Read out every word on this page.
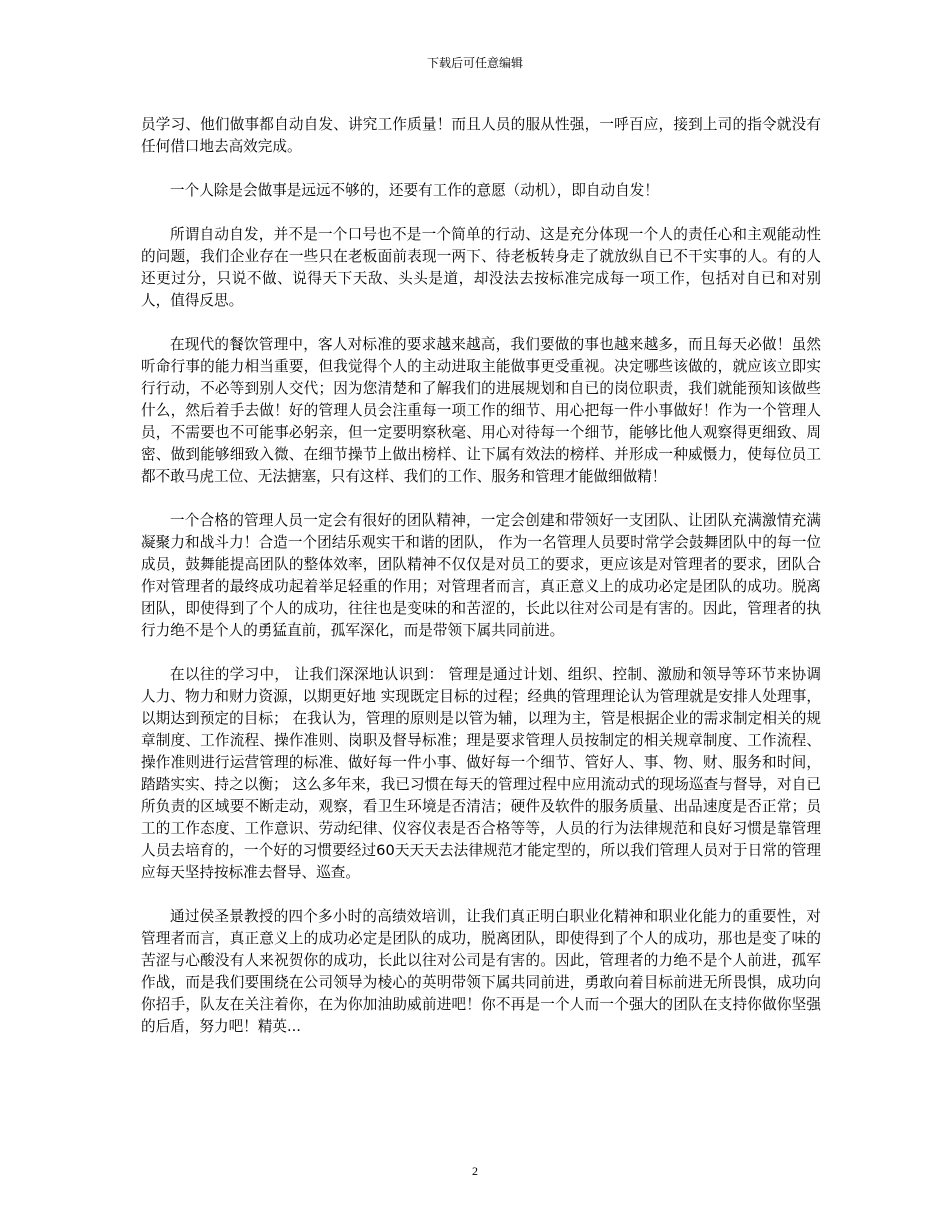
下载后可任意编辑

员学习、他们做事都自动自发、讲究工作质量！而且人员的服从性强，一呼百应，接到上司的指令就没有任何借口地去高效完成。

一个人除是会做事是远远不够的，还要有工作的意愿（动机），即自动自发！

所谓自动自发，并不是一个口号也不是一个简单的行动、这是充分体现一个人的责任心和主观能动性的问题，我们企业存在一些只在老板面前表现一两下、待老板转身走了就放纵自已不干实事的人。有的人还更过分，只说不做、说得天下天敌、头头是道，却没法去按标准完成每一项工作，包括对自已和对别人，值得反思。

在现代的餐饮管理中，客人对标准的要求越来越高，我们要做的事也越来越多，而且每天必做！虽然听命行事的能力相当重要，但我觉得个人的主动进取主能做事更受重视。决定哪些该做的，就应该立即实行行动，不必等到别人交代；因为您清楚和了解我们的进展规划和自已的岗位职责，我们就能预知该做些什么，然后着手去做！好的管理人员会注重每一项工作的细节、用心把每一件小事做好！作为一个管理人员，不需要也不可能事必躬亲，但一定要明察秋毫、用心对待每一个细节，能够比他人观察得更细致、周密、做到能够细致入微、在细节操节上做出榜样、让下属有效法的榜样、并形成一种威慑力，使每位员工都不敢马虎工位、无法搪塞，只有这样、我们的工作、服务和管理才能做细做精！

一个合格的管理人员一定会有很好的团队精神，一定会创建和带领好一支团队、让团队充满激情充满凝聚力和战斗力！合造一个团结乐观实干和谐的团队， 作为一名管理人员要时常学会鼓舞团队中的每一位成员，鼓舞能提高团队的整体效率，团队精神不仅仅是对员工的要求，更应该是对管理者的要求，团队合作对管理者的最终成功起着举足轻重的作用；对管理者而言，真正意义上的成功必定是团队的成功。脱离团队，即使得到了个人的成功，往往也是变味的和苦涩的，长此以往对公司是有害的。因此，管理者的执行力绝不是个人的勇猛直前，孤军深化，而是带领下属共同前进。

在以往的学习中， 让我们深深地认识到： 管理是通过计划、组织、控制、激励和领导等环节来协调人力、物力和财力资源，以期更好地 实现既定目标的过程；经典的管理理论认为管理就是安排人处理事，以期达到预定的目标； 在我认为，管理的原则是以管为辅，以理为主，管是根据企业的需求制定相关的规章制度、工作流程、操作准则、岗职及督导标准；理是要求管理人员按制定的相关规章制度、工作流程、操作准则进行运营管理的标准、做好每一件小事、做好每一个细节、管好人、事、物、财、服务和时间，踏踏实实、持之以衡； 这么多年来，我已习惯在每天的管理过程中应用流动式的现场巡查与督导，对自已所负责的区域要不断走动，观察，看卫生环境是否清洁；硬件及软件的服务质量、出品速度是否正常；员工的工作态度、工作意识、劳动纪律、仪容仪表是否合格等等，人员的行为法律规范和良好习惯是靠管理人员去培育的，一个好的习惯要经过60天天天去法律规范才能定型的，所以我们管理人员对于日常的管理应每天坚持按标准去督导、巡查。

通过侯圣景教授的四个多小时的高绩效培训，让我们真正明白职业化精神和职业化能力的重要性，对管理者而言，真正意义上的成功必定是团队的成功，脱离团队，即使得到了个人的成功，那也是变了味的苦涩与心酸没有人来祝贺你的成功，长此以往对公司是有害的。因此，管理者的力绝不是个人前进，孤军作战，而是我们要围绕在公司领导为棱心的英明带领下属共同前进，勇敢向着目标前进无所畏惧，成功向你招手，队友在关注着你，在为你加油助威前进吧！你不再是一个人而一个强大的团队在支持你做你坚强的后盾，努力吧！精英...

2
